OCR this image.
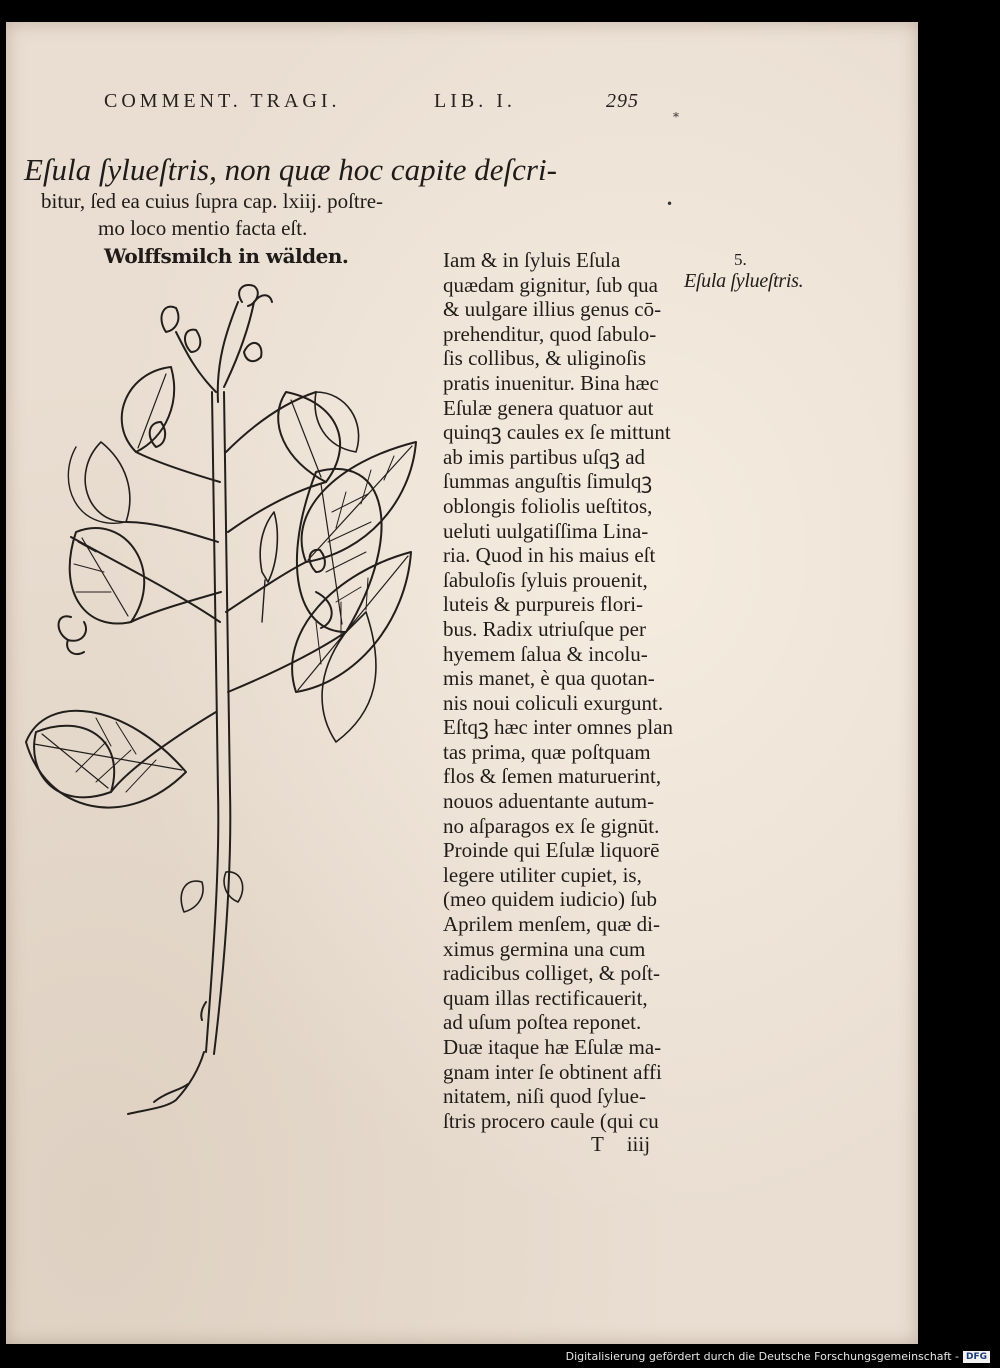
COMMENT. TRAGI.	LIB. I.	295
*
•
Eſula ſylueſtris, non quæ hoc capite deſcri-
bitur, ſed ea cuius ſupra cap. lxiij. poſtre-
mo loco mentio facta eſt.
Wolffsmilch in wälden.	Iam & in ſyluis Eſula
quædam gignitur, ſub qua
& uulgare illius genus cō-
prehenditur, quod ſabulo-
ſis collibus, & uliginoſis
pratis inuenitur. Bina hæc
Eſulæ genera quatuor aut
quinqꝫ caules ex ſe mittunt
ab imis partibus uſqꝫ ad
ſummas anguſtis ſimulqꝫ
oblongis foliolis ueſtitos,
ueluti uulgatiſſima Lina-
ria. Quod in his maius eſt
ſabuloſis ſyluis prouenit,
luteis & purpureis flori-
bus. Radix utriuſque per
hyemem ſalua & incolu-
mis manet, è qua quotan-
nis noui coliculi exurgunt.
Eſtqꝫ hæc inter omnes plan
tas prima, quæ poſtquam
flos & ſemen maturuerint,
nouos aduentante autum-
no aſparagos ex ſe gignūt.
Proinde qui Eſulæ liquorē
legere utiliter cupiet, is,
(meo quidem iudicio) ſub
Aprilem menſem, quæ di-
ximus germina una cum
radicibus colliget, & poſt-
quam illas rectificauerit,
ad uſum poſtea reponet.
Duæ itaque hæ Eſulæ ma-
gnam inter ſe obtinent affi
nitatem, niſi quod ſylue-
ſtris procero caule (qui cu
5.
Eſula ſylueſtris.
T iiij
Digitalisierung gefördert durch die Deutsche Forschungsgemeinschaft - DFG
